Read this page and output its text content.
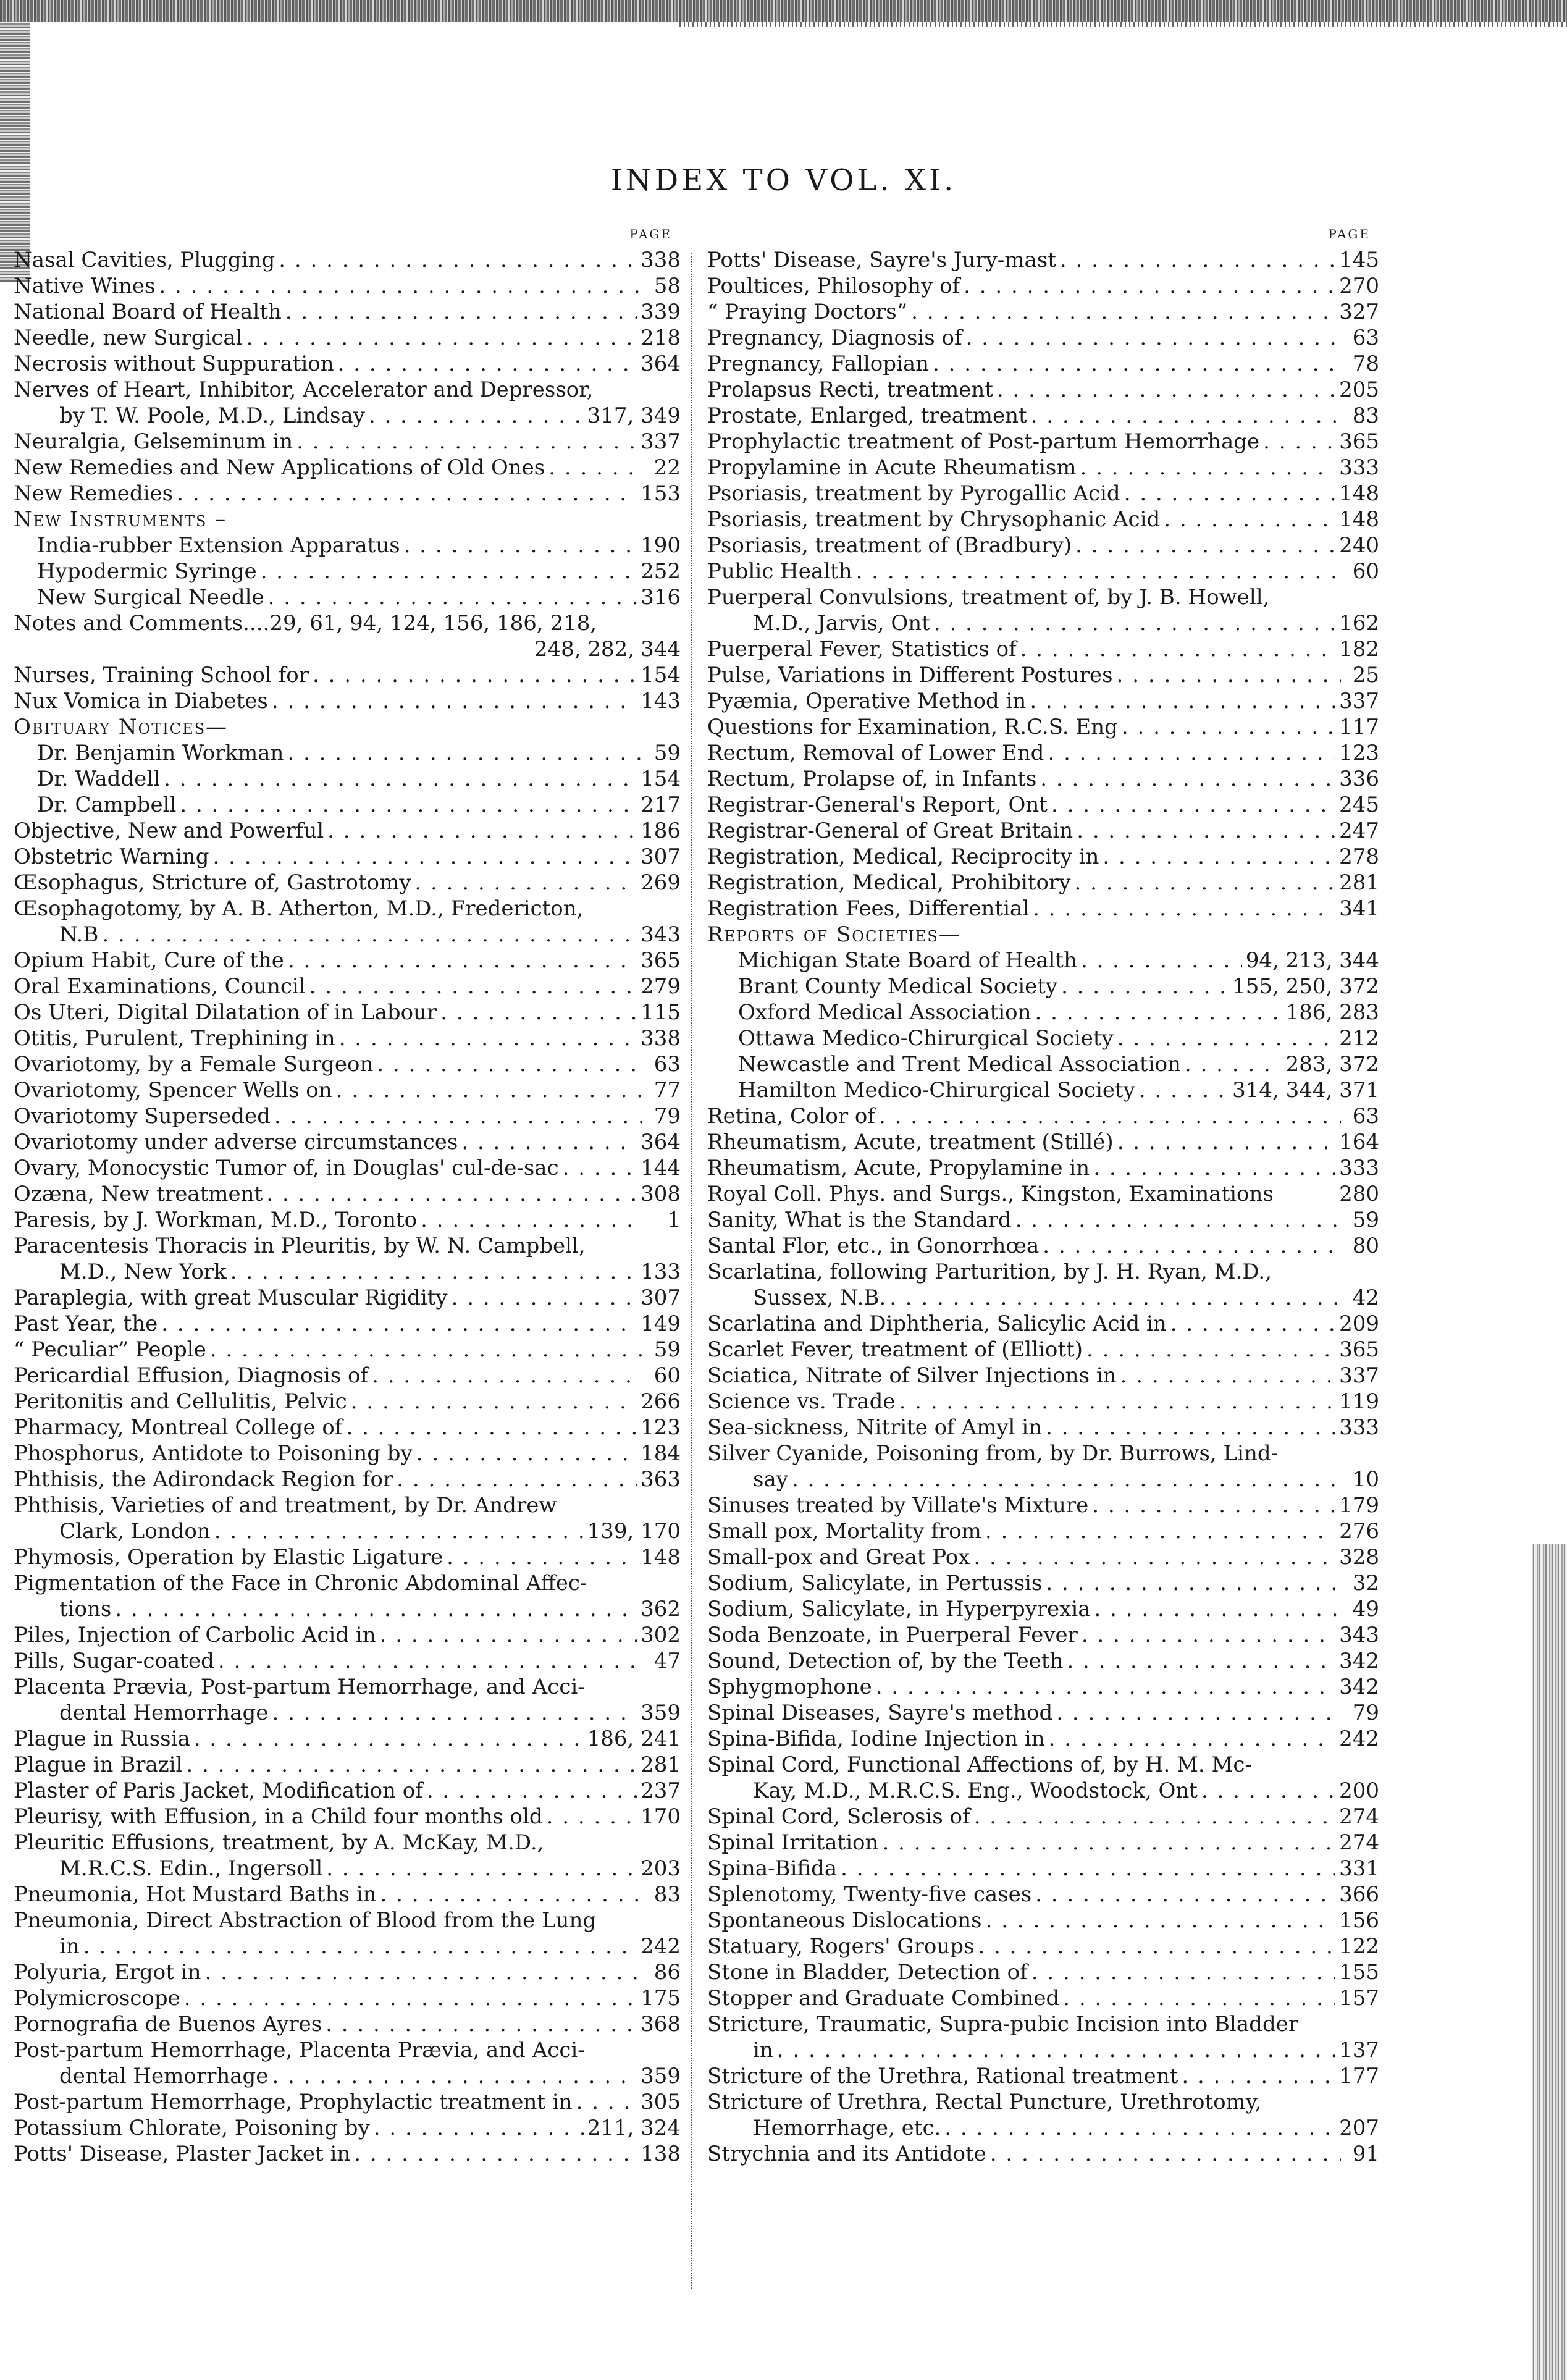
INDEX TO VOL. XI.
PAGE
Nasal Cavities, Plugging . . .	338
Native Wines . . .	58
National Board of Health . . .	339
Needle, new Surgical . . .	218
Necrosis without Suppuration . . .	364
Nerves of Heart, Inhibitor, Accelerator and Depressor,
by T. W. Poole, M.D., Lindsay . . .	317, 349
Neuralgia, Gelseminum in . . .	337
New Remedies and New Applications of Old Ones . . .	22
New Remedies . . .	153
New Instruments –
India-rubber Extension Apparatus . . .	190
Hypodermic Syringe . . .	252
New Surgical Needle . . .	316
Notes and Comments....29, 61, 94, 124, 156, 186, 218,
248, 282, 344
Nurses, Training School for . . .	154
Nux Vomica in Diabetes . . .	143
Obituary Notices—
Dr. Benjamin Workman . . .	59
Dr. Waddell . . .	154
Dr. Campbell . . .	217
Objective, New and Powerful . . .	186
Obstetric Warning . . .	307
Œsophagus, Stricture of, Gastrotomy . . .	269
Œsophagotomy, by A. B. Atherton, M.D., Fredericton,
N.B . . .	343
Opium Habit, Cure of the . . .	365
Oral Examinations, Council . . .	279
Os Uteri, Digital Dilatation of in Labour . . .	115
Otitis, Purulent, Trephining in . . .	338
Ovariotomy, by a Female Surgeon . . .	63
Ovariotomy, Spencer Wells on . . .	77
Ovariotomy Superseded . . .	79
Ovariotomy under adverse circumstances . . .	364
Ovary, Monocystic Tumor of, in Douglas' cul-de-sac . . .	144
Ozæna, New treatment . . .	308
Paresis, by J. Workman, M.D., Toronto . . .	1
Paracentesis Thoracis in Pleuritis, by W. N. Campbell,
M.D., New York . . .	133
Paraplegia, with great Muscular Rigidity . . .	307
Past Year, the . . .	149
“ Peculiar” People . . .	59
Pericardial Effusion, Diagnosis of . . .	60
Peritonitis and Cellulitis, Pelvic . . .	266
Pharmacy, Montreal College of . . .	123
Phosphorus, Antidote to Poisoning by . . .	184
Phthisis, the Adirondack Region for . . .	363
Phthisis, Varieties of and treatment, by Dr. Andrew
Clark, London . . .	139, 170
Phymosis, Operation by Elastic Ligature . . .	148
Pigmentation of the Face in Chronic Abdominal Affec-
tions . . .	362
Piles, Injection of Carbolic Acid in . . .	302
Pills, Sugar-coated . . .	47
Placenta Prævia, Post-partum Hemorrhage, and Acci-
dental Hemorrhage . . .	359
Plague in Russia . . .	186, 241
Plague in Brazil . . .	281
Plaster of Paris Jacket, Modification of . . .	237
Pleurisy, with Effusion, in a Child four months old . . .	170
Pleuritic Effusions, treatment, by A. McKay, M.D.,
M.R.C.S. Edin., Ingersoll . . .	203
Pneumonia, Hot Mustard Baths in . . .	83
Pneumonia, Direct Abstraction of Blood from the Lung
in . . .	242
Polyuria, Ergot in . . .	86
Polymicroscope . . .	175
Pornografia de Buenos Ayres . . .	368
Post-partum Hemorrhage, Placenta Prævia, and Acci-
dental Hemorrhage . . .	359
Post-partum Hemorrhage, Prophylactic treatment in . . .	305
Potassium Chlorate, Poisoning by . . .	211, 324
Potts' Disease, Plaster Jacket in . . .	138
PAGE
Potts' Disease, Sayre's Jury-mast . . .	145
Poultices, Philosophy of . . .	270
“ Praying Doctors” . . .	327
Pregnancy, Diagnosis of . . .	63
Pregnancy, Fallopian . . .	78
Prolapsus Recti, treatment . . .	205
Prostate, Enlarged, treatment . . .	83
Prophylactic treatment of Post-partum Hemorrhage . . .	365
Propylamine in Acute Rheumatism . . .	333
Psoriasis, treatment by Pyrogallic Acid . . .	148
Psoriasis, treatment by Chrysophanic Acid . . .	148
Psoriasis, treatment of (Bradbury) . . .	240
Public Health . . .	60
Puerperal Convulsions, treatment of, by J. B. Howell,
M.D., Jarvis, Ont . . .	162
Puerperal Fever, Statistics of . . .	182
Pulse, Variations in Different Postures . . .	25
Pyæmia, Operative Method in . . .	337
Questions for Examination, R.C.S. Eng . . .	117
Rectum, Removal of Lower End . . .	123
Rectum, Prolapse of, in Infants . . .	336
Registrar-General's Report, Ont . . .	245
Registrar-General of Great Britain . . .	247
Registration, Medical, Reciprocity in . . .	278
Registration, Medical, Prohibitory . . .	281
Registration Fees, Differential . . .	341
Reports of Societies—
Michigan State Board of Health . . .	94, 213, 344
Brant County Medical Society . . .	155, 250, 372
Oxford Medical Association . . .	186, 283
Ottawa Medico-Chirurgical Society . . .	212
Newcastle and Trent Medical Association . . .	283, 372
Hamilton Medico-Chirurgical Society . . .	314, 344, 371
Retina, Color of . . .	63
Rheumatism, Acute, treatment (Stillé) . . .	164
Rheumatism, Acute, Propylamine in . . .	333
Royal Coll. Phys. and Surgs., Kingston, Examinations	280
Sanity, What is the Standard . . .	59
Santal Flor, etc., in Gonorrhœa . . .	80
Scarlatina, following Parturition, by J. H. Ryan, M.D.,
Sussex, N.B. . . .	42
Scarlatina and Diphtheria, Salicylic Acid in . . .	209
Scarlet Fever, treatment of (Elliott) . . .	365
Sciatica, Nitrate of Silver Injections in . . .	337
Science vs. Trade . . .	119
Sea-sickness, Nitrite of Amyl in . . .	333
Silver Cyanide, Poisoning from, by Dr. Burrows, Lind-
say . . .	10
Sinuses treated by Villate's Mixture . . .	179
Small pox, Mortality from . . .	276
Small-pox and Great Pox . . .	328
Sodium, Salicylate, in Pertussis . . .	32
Sodium, Salicylate, in Hyperpyrexia . . .	49
Soda Benzoate, in Puerperal Fever . . .	343
Sound, Detection of, by the Teeth . . .	342
Sphygmophone . . .	342
Spinal Diseases, Sayre's method . . .	79
Spina-Bifida, Iodine Injection in . . .	242
Spinal Cord, Functional Affections of, by H. M. Mc-
Kay, M.D., M.R.C.S. Eng., Woodstock, Ont . . .	200
Spinal Cord, Sclerosis of . . .	274
Spinal Irritation . . .	274
Spina-Bifida . . .	331
Splenotomy, Twenty-five cases . . .	366
Spontaneous Dislocations . . .	156
Statuary, Rogers' Groups . . .	122
Stone in Bladder, Detection of . . .	155
Stopper and Graduate Combined . . .	157
Stricture, Traumatic, Supra-pubic Incision into Bladder
in . . .	137
Stricture of the Urethra, Rational treatment . . .	177
Stricture of Urethra, Rectal Puncture, Urethrotomy,
Hemorrhage, etc. . . .	207
Strychnia and its Antidote . . .	91
